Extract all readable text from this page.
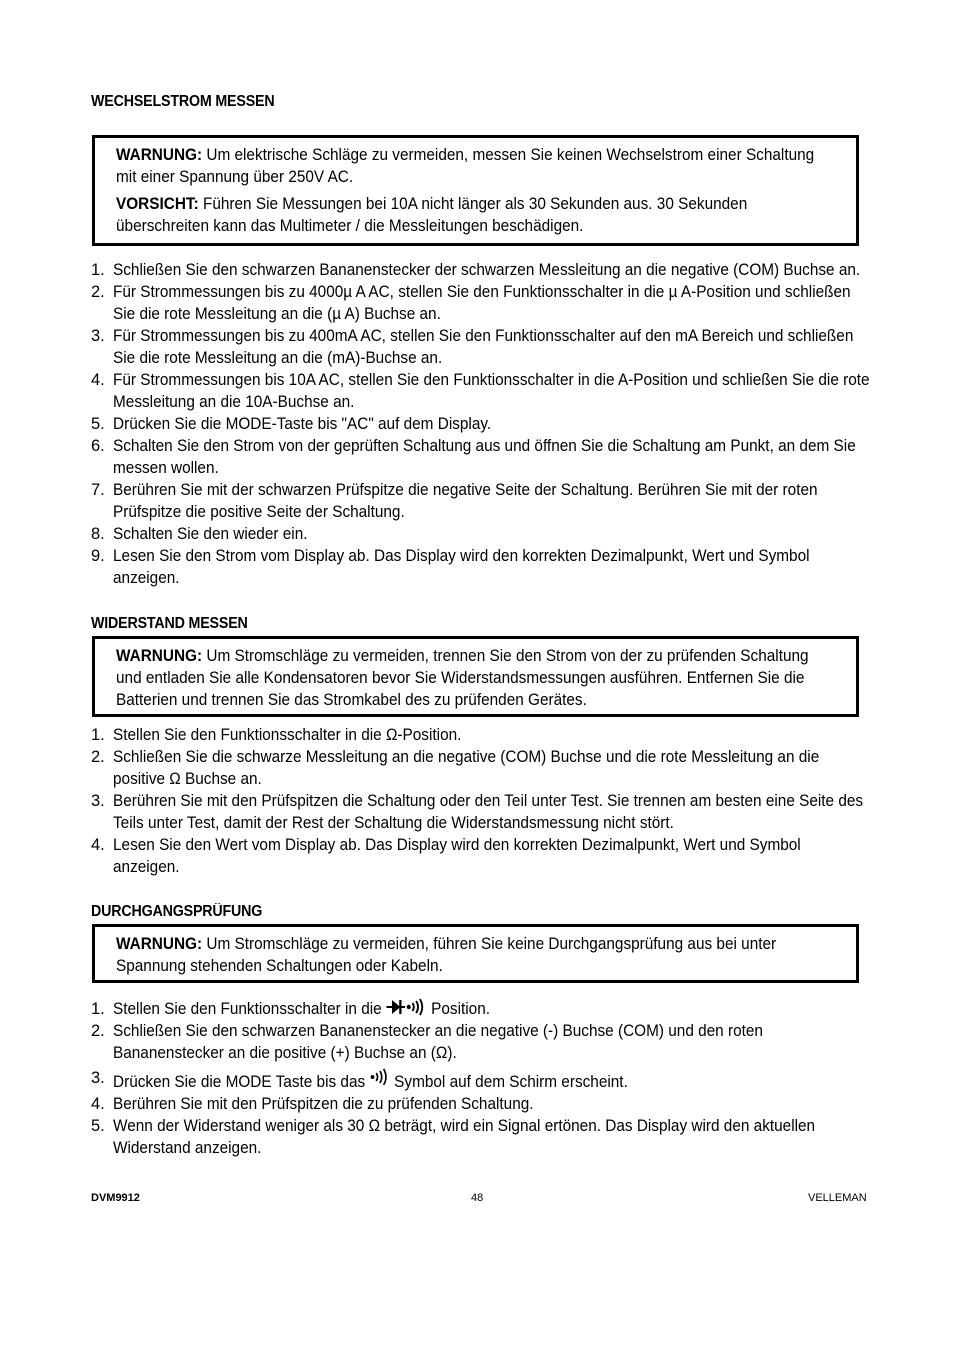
WECHSELSTROM MESSEN

WARNUNG: Um elektrische Schläge zu vermeiden, messen Sie keinen Wechselstrom einer Schaltung mit einer Spannung über 250V AC.

VORSICHT: Führen Sie Messungen bei 10A nicht länger als 30 Sekunden aus. 30 Sekunden überschreiten kann das Multimeter / die Messleitungen beschädigen.

1. Schließen Sie den schwarzen Bananenstecker der schwarzen Messleitung an die negative (COM) Buchse an.
2. Für Strommessungen bis zu 4000µ A AC, stellen Sie den Funktionsschalter in die µ A-Position und schließen Sie die rote Messleitung an die (µ A) Buchse an.
3. Für Strommessungen bis zu 400mA AC, stellen Sie den Funktionsschalter auf den mA Bereich und schließen Sie die rote Messleitung an die (mA)-Buchse an.
4. Für Strommessungen bis 10A AC, stellen Sie den Funktionsschalter in die A-Position und schließen Sie die rote Messleitung an die 10A-Buchse an.
5. Drücken Sie die MODE-Taste bis "AC" auf dem Display.
6. Schalten Sie den Strom von der geprüften Schaltung aus und öffnen Sie die Schaltung am Punkt, an dem Sie messen wollen.
7. Berühren Sie mit der schwarzen Prüfspitze die negative Seite der Schaltung. Berühren Sie mit der roten Prüfspitze die positive Seite der Schaltung.
8. Schalten Sie den wieder ein.
9. Lesen Sie den Strom vom Display ab. Das Display wird den korrekten Dezimalpunkt, Wert und Symbol anzeigen.
WIDERSTAND MESSEN

WARNUNG: Um Stromschläge zu vermeiden, trennen Sie den Strom von der zu prüfenden Schaltung und entladen Sie alle Kondensatoren bevor Sie Widerstandsmessungen ausführen. Entfernen Sie die Batterien und trennen Sie das Stromkabel des zu prüfenden Gerätes.

1. Stellen Sie den Funktionsschalter in die Ω-Position.
2. Schließen Sie die schwarze Messleitung an die negative (COM) Buchse und die rote Messleitung an die positive Ω Buchse an.
3. Berühren Sie mit den Prüfspitzen die Schaltung oder den Teil unter Test. Sie trennen am besten eine Seite des Teils unter Test, damit der Rest der Schaltung die Widerstandsmessung nicht stört.
4. Lesen Sie den Wert vom Display ab. Das Display wird den korrekten Dezimalpunkt, Wert und Symbol anzeigen.
DURCHGANGSPRÜFUNG

WARNUNG: Um Stromschläge zu vermeiden, führen Sie keine Durchgangsprüfung aus bei unter Spannung stehenden Schaltungen oder Kabeln.

1. Stellen Sie den Funktionsschalter in die  Position.
2. Schließen Sie den schwarzen Bananenstecker an die negative (-) Buchse (COM) und den roten Bananenstecker an die positive (+) Buchse an (Ω).
3. Drücken Sie die MODE Taste bis das  Symbol auf dem Schirm erscheint.
4. Berühren Sie mit den Prüfspitzen die zu prüfenden Schaltung.
5. Wenn der Widerstand weniger als 30 Ω beträgt, wird ein Signal ertönen. Das Display wird den aktuellen Widerstand anzeigen.
DVM9912	48	VELLEMAN
